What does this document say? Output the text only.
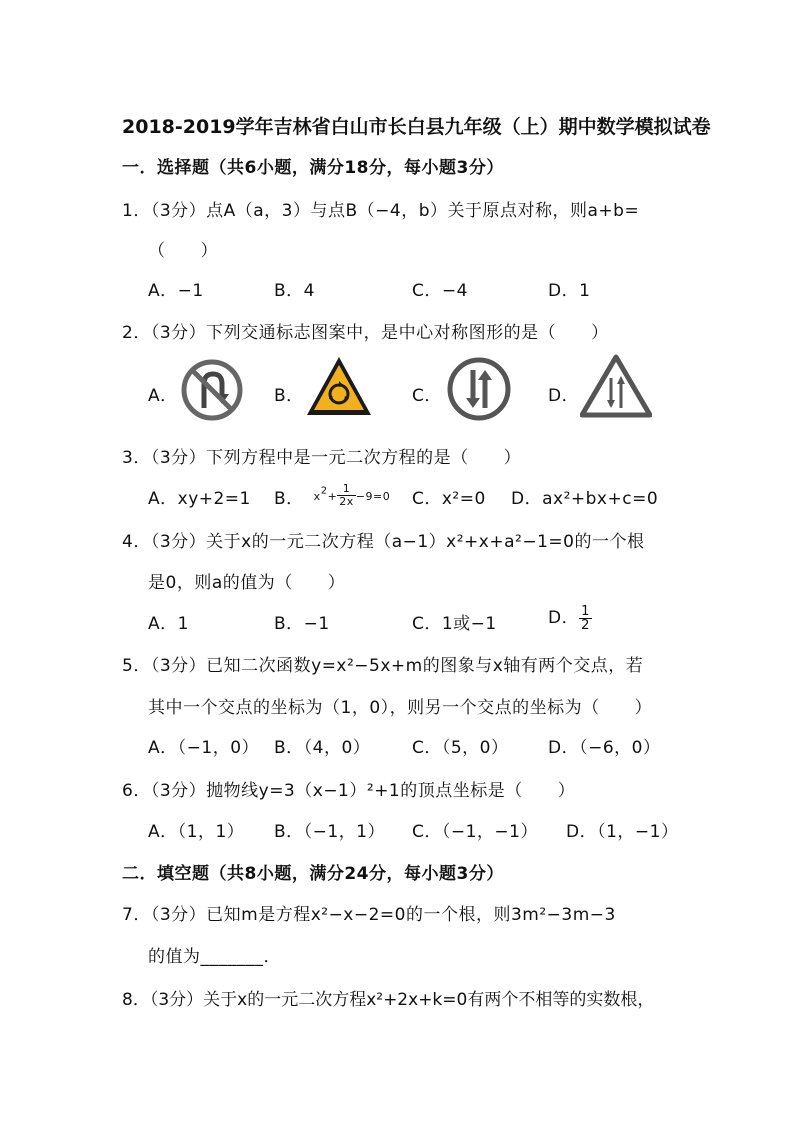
2018-2019学年吉林省白山市长白县九年级（上）期中数学模拟试卷
一．选择题（共6小题，满分18分，每小题3分）
1．（3分）点A（a，3）与点B（−4，b）关于原点对称，则a+b=
（　　）
A．−1	B．4	C．−4	D．1
2．（3分）下列交通标志图案中，是中心对称图形的是（　　）
A．	B．	C．	D．
3．（3分）下列方程中是一元二次方程的是（　　）
A．xy+2=1 B． $x^2+ \frac{1}{2x} -9=0$ C．x²=0 D．ax²+bx+c=0
4．（3分）关于x的一元二次方程（a−1）x²+x+a²−1=0的一个根
是0，则a的值为（　　）
A．1	B．−1	C．1或−1	D． $\frac{1}{2}$
5．（3分）已知二次函数y=x²−5x+m的图象与x轴有两个交点，若
其中一个交点的坐标为（1，0），则另一个交点的坐标为（　　）
A．（−1，0） B．（4，0） C．（5，0） D．（−6，0）
6．（3分）抛物线y=3（x−1）²+1的顶点坐标是（　　）
A．（1，1） B．（−1，1） C．（−1，−1） D．（1，−1）
二．填空题（共8小题，满分24分，每小题3分）
7．（3分）已知m是方程x²−x−2=0的一个根，则3m²−3m−3
的值为_______．
8．（3分）关于x的一元二次方程x²+2x+k=0有两个不相等的实数根，
